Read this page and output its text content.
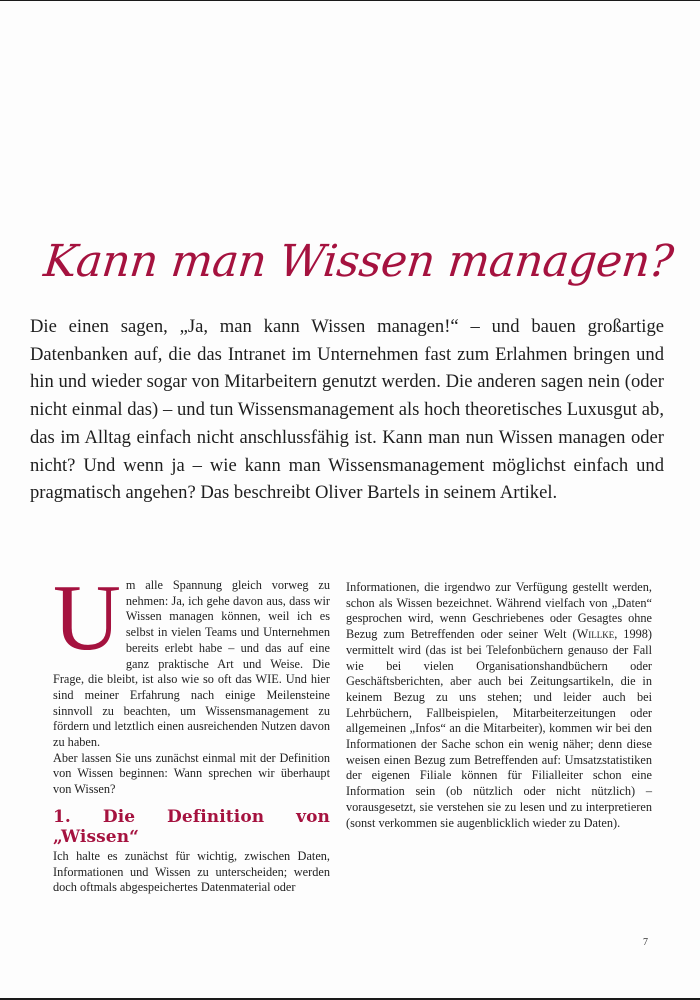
Kann man Wissen managen?

Die einen sagen, „Ja, man kann Wissen managen!“ – und bauen großartige Datenbanken auf, die das Intranet im Unternehmen fast zum Erlahmen bringen und hin und wieder sogar von Mitarbeitern genutzt werden. Die anderen sagen nein (oder nicht einmal das) – und tun Wissensmanagement als hoch theoretisches Luxusgut ab, das im Alltag einfach nicht anschlussfähig ist. Kann man nun Wissen managen oder nicht? Und wenn ja – wie kann man Wissensmanagement möglichst einfach und pragmatisch angehen? Das beschreibt Oliver Bartels in seinem Artikel.

Um alle Spannung gleich vorweg zu nehmen: Ja, ich gehe davon aus, dass wir Wissen managen können, weil ich es selbst in vielen Teams und Unternehmen bereits erlebt habe – und das auf eine ganz praktische Art und Weise. Die Frage, die bleibt, ist also wie so oft das WIE. Und hier sind meiner Erfahrung nach einige Meilensteine sinnvoll zu beachten, um Wissensmanagement zu fördern und letztlich einen ausreichenden Nutzen davon zu haben.

Aber lassen Sie uns zunächst einmal mit der Definition von Wissen beginnen: Wann sprechen wir überhaupt von Wissen?

1. Die Definition von „Wissen“

Ich halte es zunächst für wichtig, zwischen Daten, Informationen und Wissen zu unterscheiden; werden doch oftmals abgespeichertes Datenmaterial oder

Informationen, die irgendwo zur Verfügung gestellt werden, schon als Wissen bezeichnet. Während vielfach von „Daten“ gesprochen wird, wenn Geschriebenes oder Gesagtes ohne Bezug zum Betreffenden oder seiner Welt (Willke, 1998) vermittelt wird (das ist bei Telefonbüchern genauso der Fall wie bei vielen Organisationshandbüchern oder Geschäftsberichten, aber auch bei Zeitungsartikeln, die in keinem Bezug zu uns stehen; und leider auch bei Lehrbüchern, Fallbeispielen, Mitarbeiterzeitungen oder allgemeinen „Infos“ an die Mitarbeiter), kommen wir bei den Informationen der Sache schon ein wenig näher; denn diese weisen einen Bezug zum Betreffenden auf: Umsatzstatistiken der eigenen Filiale können für Filialleiter schon eine Information sein (ob nützlich oder nicht nützlich) – vorausgesetzt, sie verstehen sie zu lesen und zu interpretieren (sonst verkommen sie augenblicklich wieder zu Daten).

7
